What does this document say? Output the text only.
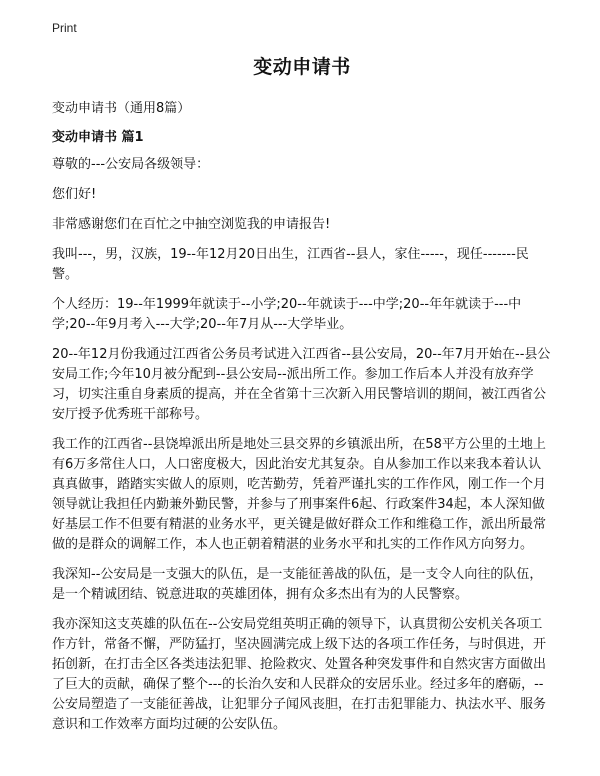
Print
变动申请书
变动申请书（通用8篇）
变动申请书 篇1

尊敬的---公安局各级领导：

您们好!

非常感谢您们在百忙之中抽空浏览我的申请报告!

我叫---，男，汉族，19--年12月20日出生，江西省--县人，家住-----，现任-------民警。

个人经历：19--年1999年就读于--小学;20--年就读于---中学;20--年年就读于---中学;20--年9月考入---大学;20--年7月从---大学毕业。

20--年12月份我通过江西省公务员考试进入江西省--县公安局，20--年7月开始在--县公安局工作;今年10月被分配到--县公安局--派出所工作。参加工作后本人并没有放弃学习，切实注重自身素质的提高，并在全省第十三次新入用民警培训的期间，被江西省公安厅授予优秀班干部称号。

我工作的江西省--县饶埠派出所是地处三县交界的乡镇派出所，在58平方公里的土地上有6万多常住人口，人口密度极大，因此治安尤其复杂。自从参加工作以来我本着认认真真做事，踏踏实实做人的原则，吃苦勤劳，凭着严谨扎实的工作作风，刚工作一个月领导就让我担任内勤兼外勤民警，并参与了刑事案件6起、行政案件34起，本人深知做好基层工作不但要有精湛的业务水平，更关键是做好群众工作和维稳工作，派出所最常做的是群众的调解工作，本人也正朝着精湛的业务水平和扎实的工作作风方向努力。

我深知--公安局是一支强大的队伍，是一支能征善战的队伍，是一支令人向往的队伍，是一个精诚团结、锐意进取的英雄团体，拥有众多杰出有为的人民警察。

我亦深知这支英雄的队伍在--公安局党组英明正确的领导下，认真贯彻公安机关各项工作方针，常备不懈，严防猛打，坚决圆满完成上级下达的各项工作任务，与时俱进，开拓创新，在打击全区各类违法犯罪、抢险救灾、处置各种突发事件和自然灾害方面做出了巨大的贡献，确保了整个---的长治久安和人民群众的安居乐业。经过多年的磨砺，--公安局塑造了一支能征善战，让犯罪分子闻风丧胆，在打击犯罪能力、执法水平、服务意识和工作效率方面均过硬的公安队伍。
